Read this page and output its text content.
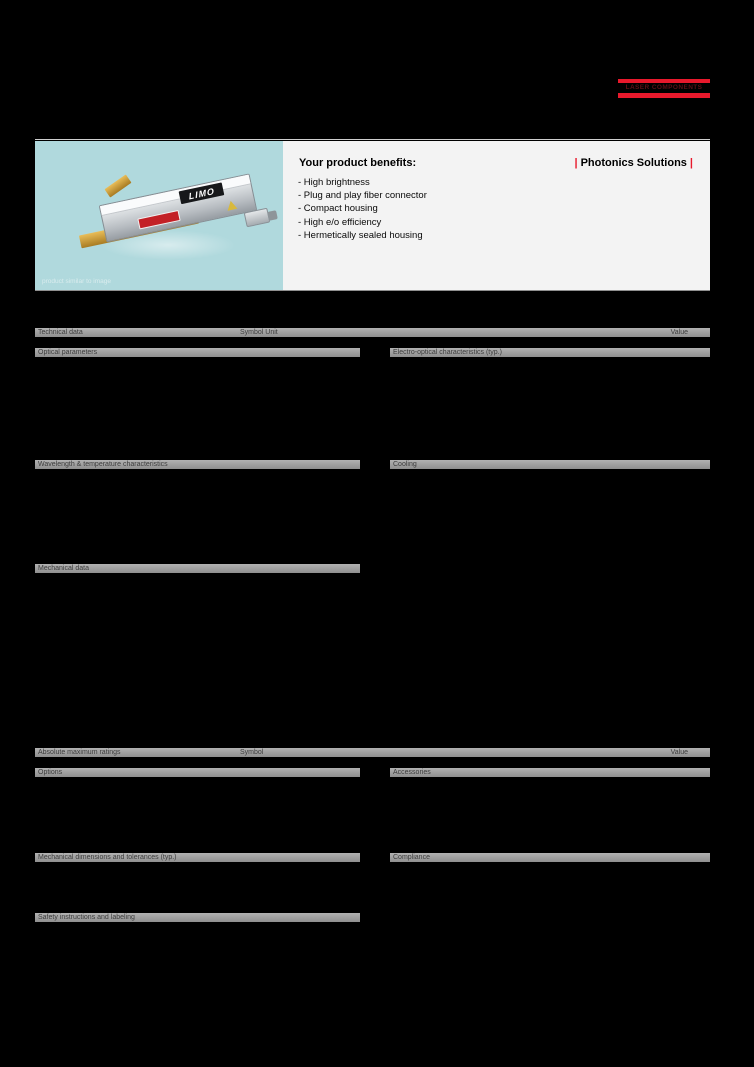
LASER COMPONENTS
LIMO
product similar to image
Your product benefits:
- High brightness
- Plug and play fiber connector
- Compact housing
- High e/o efficiency
- Hermetically sealed housing
| Photonics Solutions |
Technical data	Symbol Unit	Value
Optical parameters	Electro-optical characteristics (typ.)
Wavelength & temperature characteristics	Cooling
Mechanical data
Absolute maximum ratings	Symbol	Value
Options	Accessories
Mechanical dimensions and tolerances (typ.)	Compliance
Safety instructions and labeling
